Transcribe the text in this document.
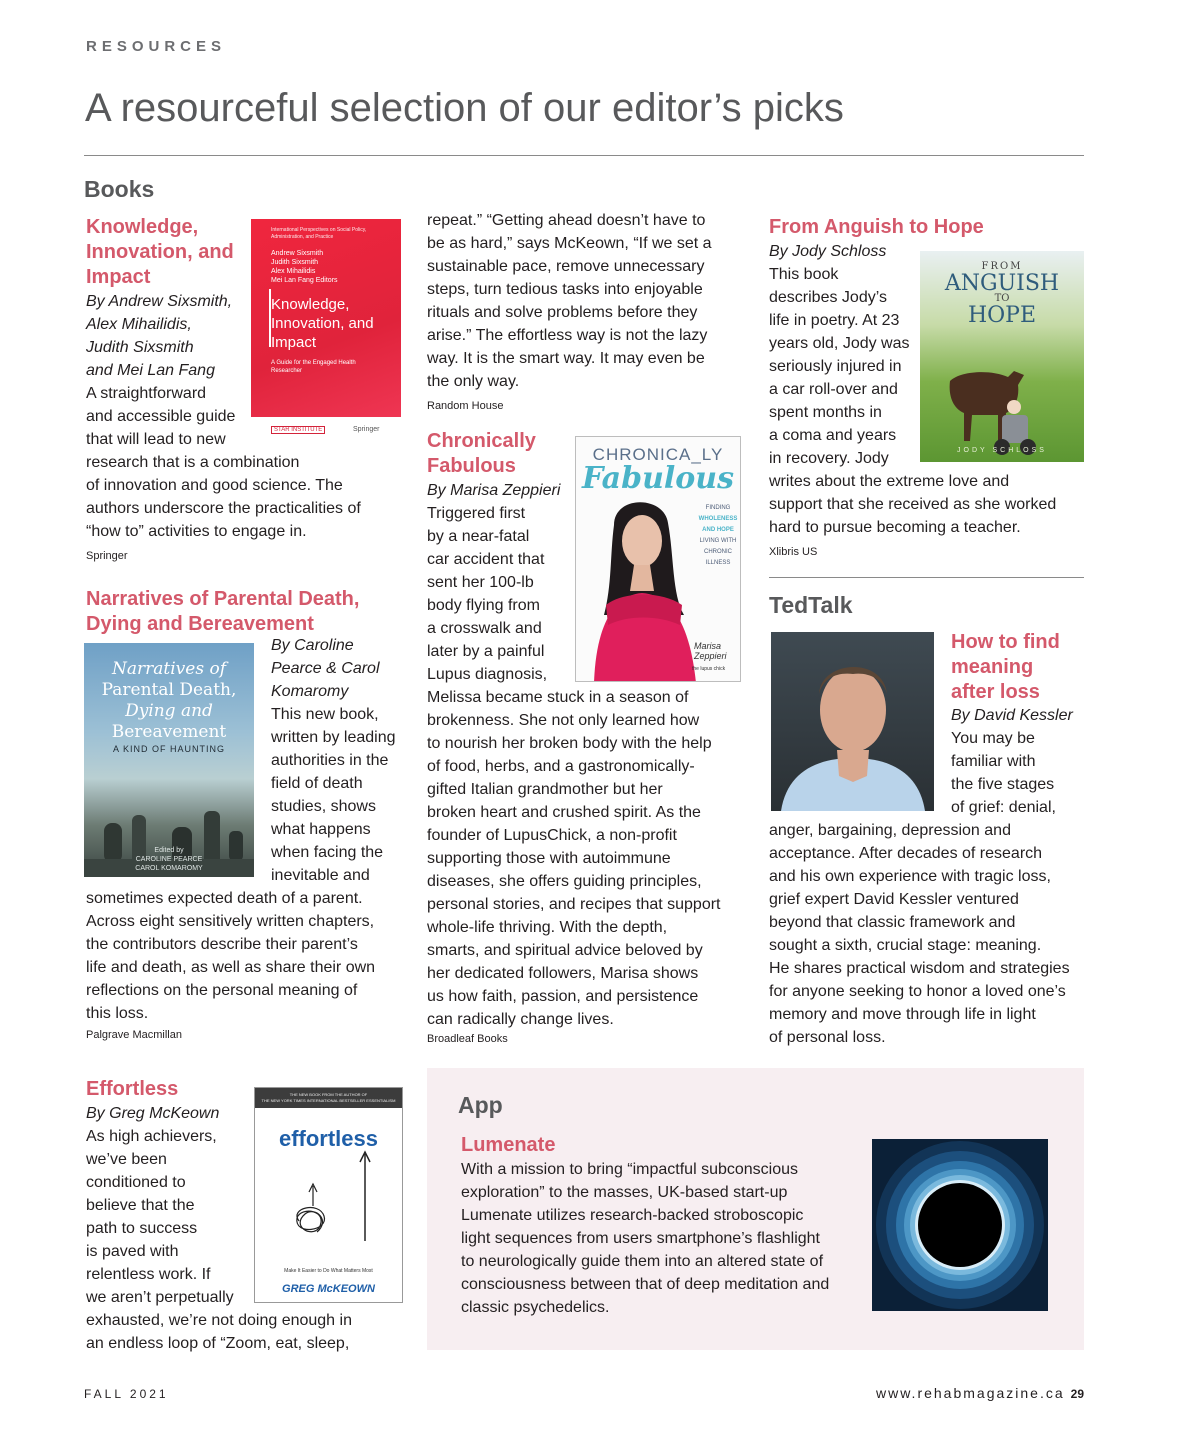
RESOURCES
A resourceful selection of our editor’s picks
Books
Knowledge,
Innovation, and
Impact
By Andrew Sixsmith,
Alex Mihailidis,
Judith Sixsmith
and Mei Lan Fang
A straightforward
and accessible guide
that will lead to new
research that is a combination
of innovation and good science. The
authors underscore the practicalities of
“how to” activities to engage in.
Springer
International Perspectives on Social Policy,
Administration, and Practice
Andrew Sixsmith
Judith Sixsmith
Alex Mihailidis
Mei Lan Fang Editors
Knowledge,
Innovation, and
Impact
A Guide for the Engaged Health
Researcher
STAR INSTITUTE	Springer
Narratives of Parental Death,
Dying and Bereavement
By Caroline
Pearce & Carol
Komaromy
This new book,
written by leading
authorities in the
field of death
studies, shows
what happens
when facing the
inevitable and
sometimes expected death of a parent.
Across eight sensitively written chapters,
the contributors describe their parent’s
life and death, as well as share their own
reflections on the personal meaning of
this loss.
Palgrave Macmillan
Narratives of
Parental Death,
Dying and
Bereavement
A KIND OF HAUNTING
Edited by
CAROLINE PEARCE
CAROL KOMAROMY
Effortless
By Greg McKeown
As high achievers,
we’ve been
conditioned to
believe that the
path to success
is paved with
relentless work. If
we aren’t perpetually
exhausted, we’re not doing enough in
an endless loop of “Zoom, eat, sleep,
THE NEW BOOK FROM THE AUTHOR OF
THE NEW YORK TIMES INTERNATIONAL BESTSELLER ESSENTIALISM
effortless
Make It Easier to Do What Matters Most
GREG McKEOWN
repeat.” “Getting ahead doesn’t have to
be as hard,” says McKeown, “If we set a
sustainable pace, remove unnecessary
steps, turn tedious tasks into enjoyable
rituals and solve problems before they
arise.” The effortless way is not the lazy
way. It is the smart way. It may even be
the only way.
Random House
Chronically
Fabulous
By Marisa Zeppieri
Triggered first
by a near-fatal
car accident that
sent her 100-lb
body flying from
a crosswalk and
later by a painful
Lupus diagnosis,
Melissa became stuck in a season of
brokenness. She not only learned how
to nourish her broken body with the help
of food, herbs, and a gastronomically-
gifted Italian grandmother but her
broken heart and crushed spirit. As the
founder of LupusChick, a non-profit
supporting those with autoimmune
diseases, she offers guiding principles,
personal stories, and recipes that support
whole-life thriving. With the depth,
smarts, and spiritual advice beloved by
her dedicated followers, Marisa shows
us how faith, passion, and persistence
can radically change lives.
Broadleaf Books
CHRONICA_LY
Fabulous
FINDING
WHOLENESS
AND HOPE
LIVING WITH
CHRONIC
ILLNESS
Marisa
Zeppieri
the lupus chick
From Anguish to Hope
By Jody Schloss
This book
describes Jody’s
life in poetry. At 23
years old, Jody was
seriously injured in
a car roll-over and
spent months in
a coma and years
in recovery. Jody
writes about the extreme love and
support that she received as she worked
hard to pursue becoming a teacher.
Xlibris US
FROM
ANGUISH
TO
HOPE
JODY SCHLOSS
TedTalk
How to find
meaning
after loss
By David Kessler
You may be
familiar with
the five stages
of grief: denial,
anger, bargaining, depression and
acceptance. After decades of research
and his own experience with tragic loss,
grief expert David Kessler ventured
beyond that classic framework and
sought a sixth, crucial stage: meaning.
He shares practical wisdom and strategies
for anyone seeking to honor a loved one’s
memory and move through life in light
of personal loss.
App
Lumenate
With a mission to bring “impactful subconscious
exploration” to the masses, UK-based start-up
Lumenate utilizes research-backed stroboscopic
light sequences from users smartphone’s flashlight
to neurologically guide them into an altered state of
consciousness between that of deep meditation and
classic psychedelics.
FALL 2021	www.rehabmagazine.ca 29
